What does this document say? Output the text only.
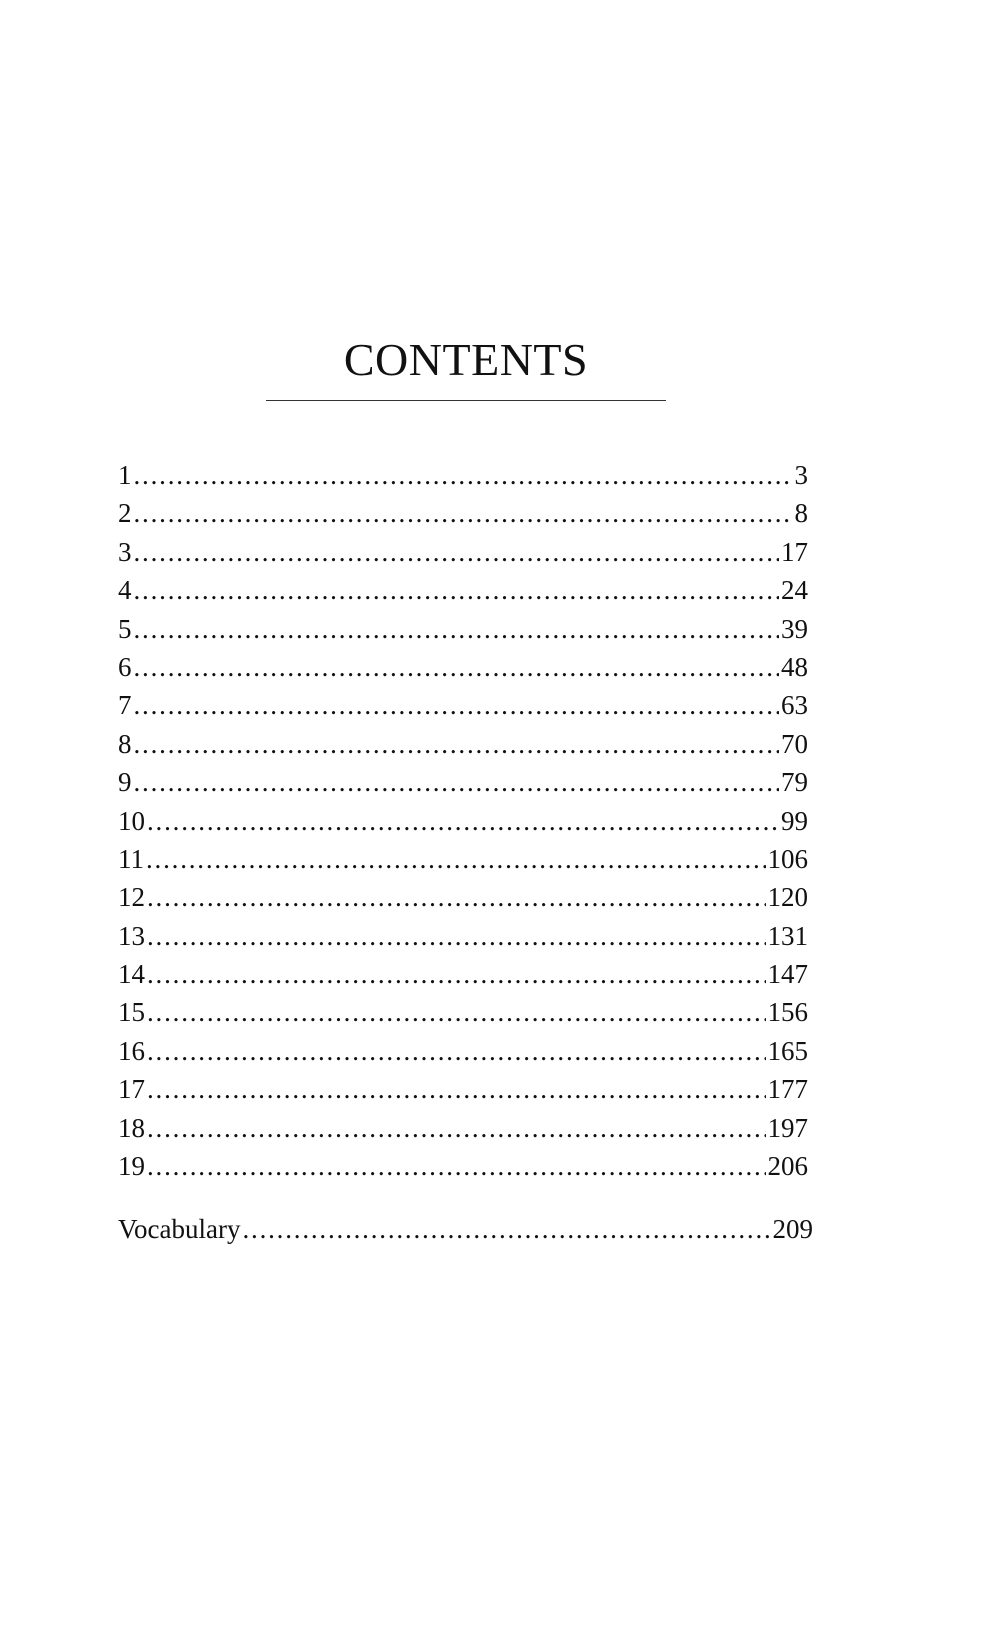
CONTENTS
1 .....	3
2 .....	8
3 .....	17
4 .....	24
5 .....	39
6 .....	48
7 .....	63
8 .....	70
9 .....	79
10 .....	99
11 .....	106
12 .....	120
13 .....	131
14 .....	147
15 .....	156
16 .....	165
17 .....	177
18 .....	197
19 .....	206
Vocabulary .....	209
